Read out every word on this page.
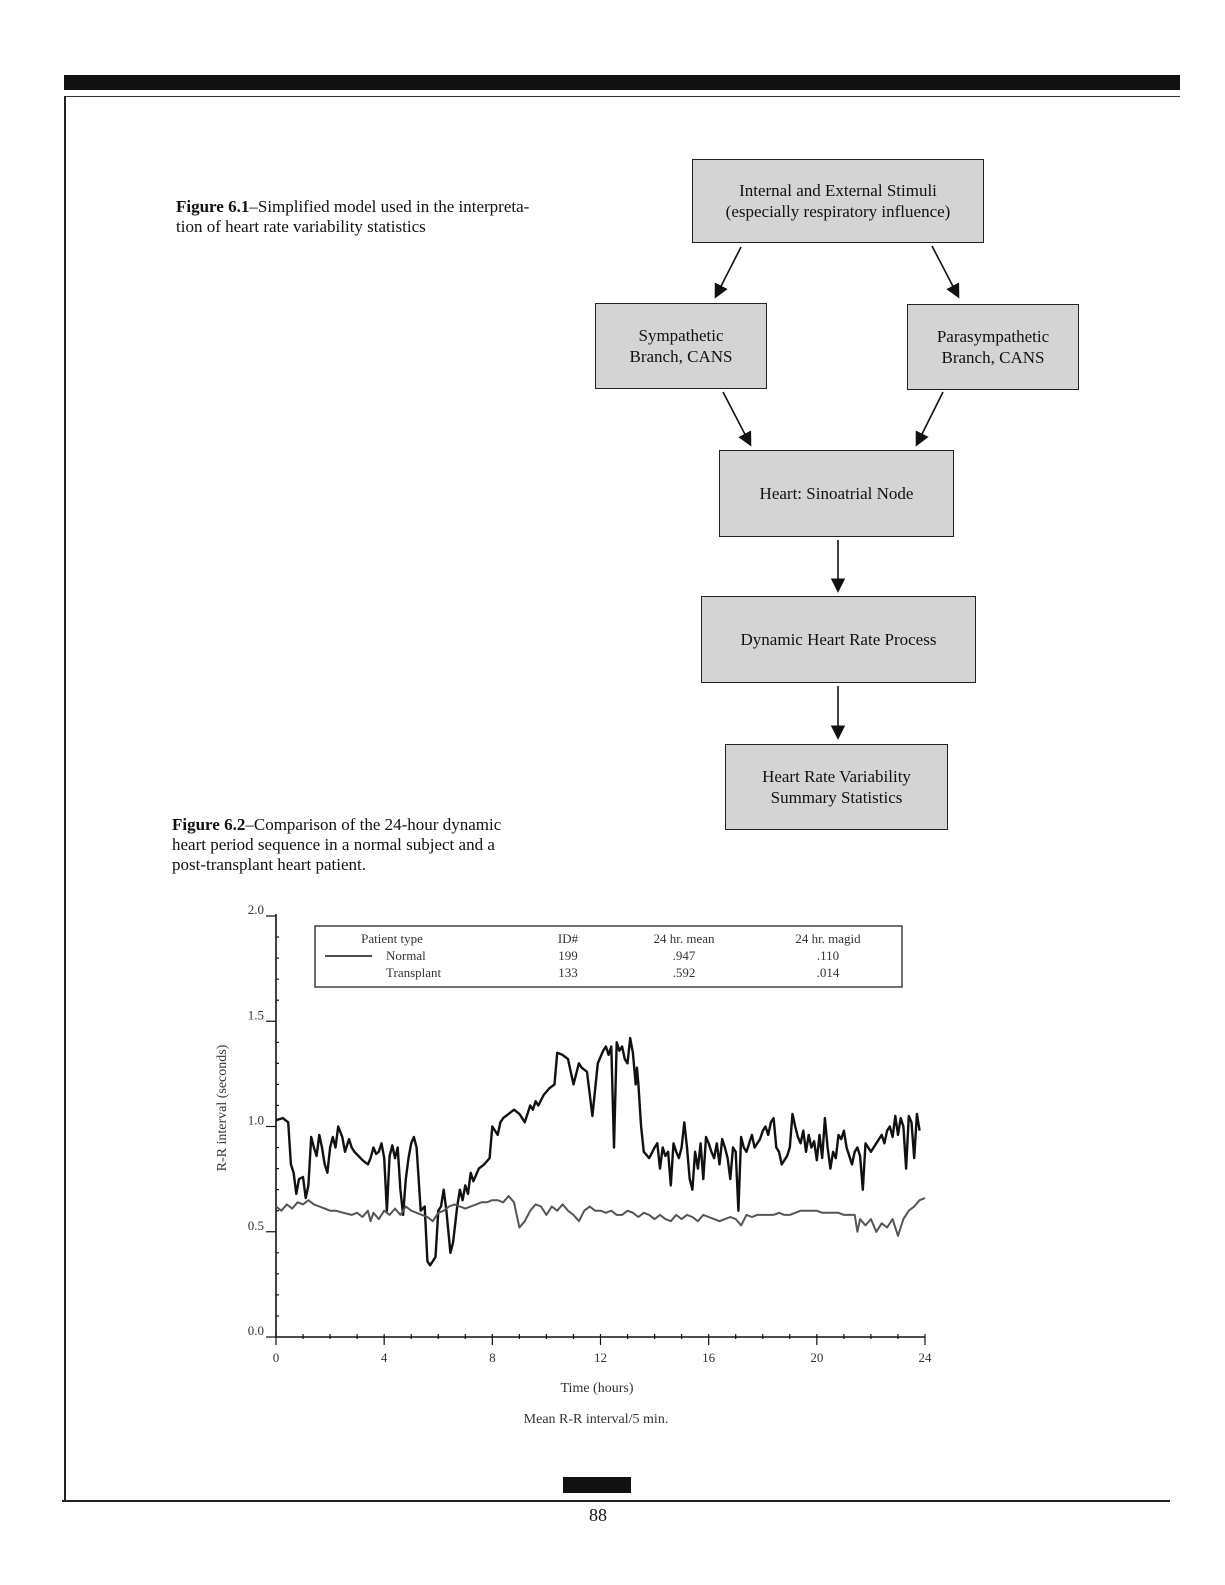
Figure 6.1–Simplified model used in the interpreta-
tion of heart rate variability statistics
Internal and External Stimuli
(especially respiratory influence)
Sympathetic
Branch, CANS
Parasympathetic
Branch, CANS
Heart: Sinoatrial Node
Dynamic Heart Rate Process
Heart Rate Variability
Summary Statistics
Figure 6.2–Comparison of the 24-hour dynamic
heart period sequence in a normal subject and a
post-transplant heart patient.
0.0
0.5
1.0
1.5
2.0
0	4	8	12	16	20	24
Patient type	ID#	24 hr. mean	24 hr. magid
Normal	199	.947	.110
Transplant	133	.592	.014
R-R interval (seconds)
Time (hours)
Mean R-R interval/5 min.
88
